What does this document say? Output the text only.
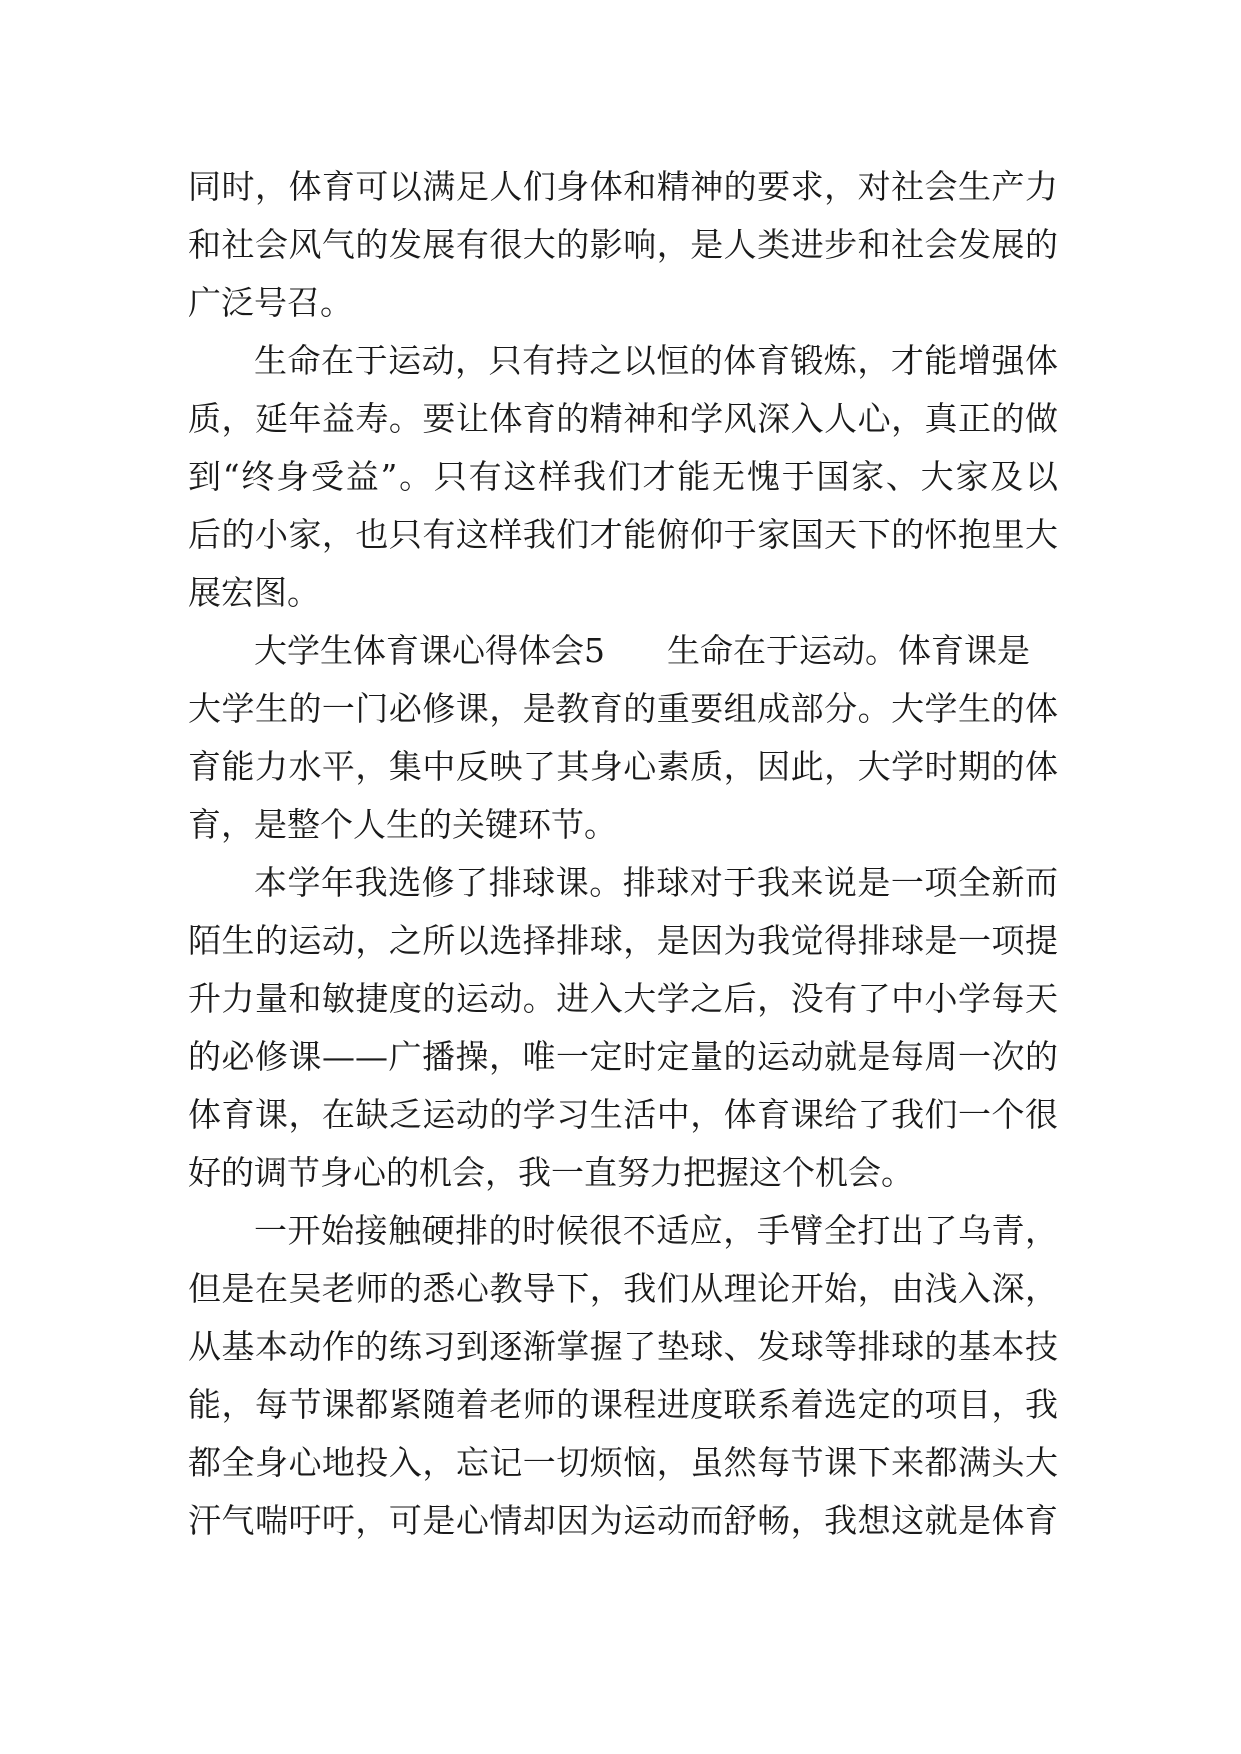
同时，体育可以满足人们身体和精神的要求，对社会生产力
和社会风气的发展有很大的影响，是人类进步和社会发展的
广泛号召。
生命在于运动，只有持之以恒的体育锻炼，才能增强体
质，延年益寿。要让体育的精神和学风深入人心，真正的做
到“终身受益”。只有这样我们才能无愧于国家、大家及以
后的小家，也只有这样我们才能俯仰于家国天下的怀抱里大
展宏图。
大学生体育课心得体会5 生命在于运动。体育课是
大学生的一门必修课，是教育的重要组成部分。大学生的体
育能力水平，集中反映了其身心素质，因此，大学时期的体
育，是整个人生的关键环节。
本学年我选修了排球课。排球对于我来说是一项全新而
陌生的运动，之所以选择排球，是因为我觉得排球是一项提
升力量和敏捷度的运动。进入大学之后，没有了中小学每天
的必修课——广播操，唯一定时定量的运动就是每周一次的
体育课，在缺乏运动的学习生活中，体育课给了我们一个很
好的调节身心的机会，我一直努力把握这个机会。
一开始接触硬排的时候很不适应，手臂全打出了乌青，
但是在吴老师的悉心教导下，我们从理论开始，由浅入深，
从基本动作的练习到逐渐掌握了垫球、发球等排球的基本技
能，每节课都紧随着老师的课程进度联系着选定的项目，我
都全身心地投入，忘记一切烦恼，虽然每节课下来都满头大
汗气喘吁吁，可是心情却因为运动而舒畅，我想这就是体育
